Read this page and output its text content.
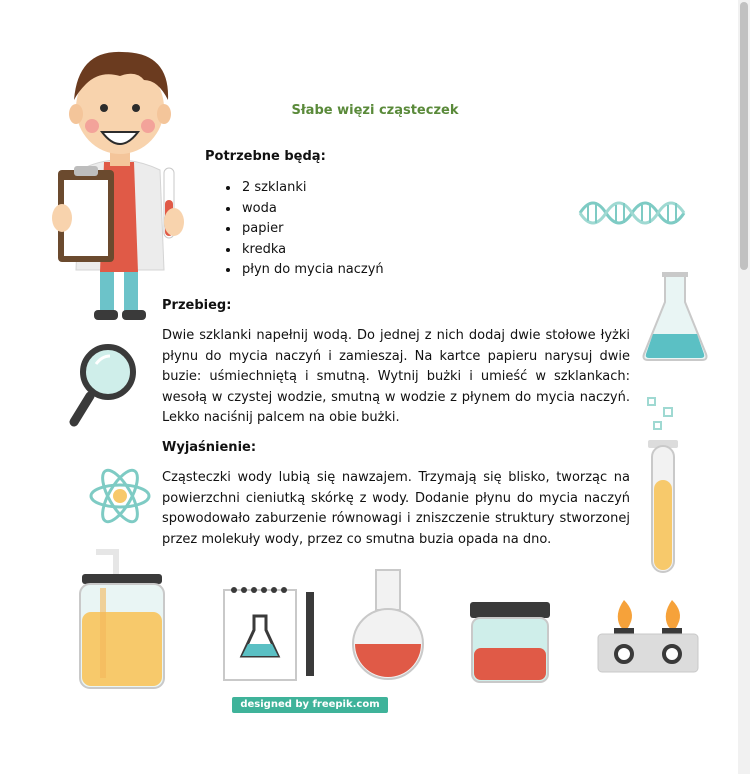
Słabe więzi cząsteczek
Potrzebne będą:
• 2 szklanki
• woda
• papier
• kredka
• płyn do mycia naczyń
Przebieg:
Dwie szklanki napełnij wodą. Do jednej z nich dodaj dwie stołowe łyżki płynu do mycia naczyń i zamieszaj. Na kartce papieru narysuj dwie buzie: uśmiechniętą i smutną. Wytnij bużki i umieść w szklankach: wesołą w czystej wodzie, smutną w wodzie z płynem do mycia naczyń. Lekko naciśnij palcem na obie bużki.
Wyjaśnienie:
Cząsteczki wody lubią się nawzajem. Trzymają się blisko, tworząc na powierzchni cieniutką skórkę z wody. Dodanie płynu do mycia naczyń spowodowało zaburzenie równowagi i zniszczenie struktury stworzonej przez molekuły wody, przez co smutna buzia opada na dno.
designed by freepik.com
